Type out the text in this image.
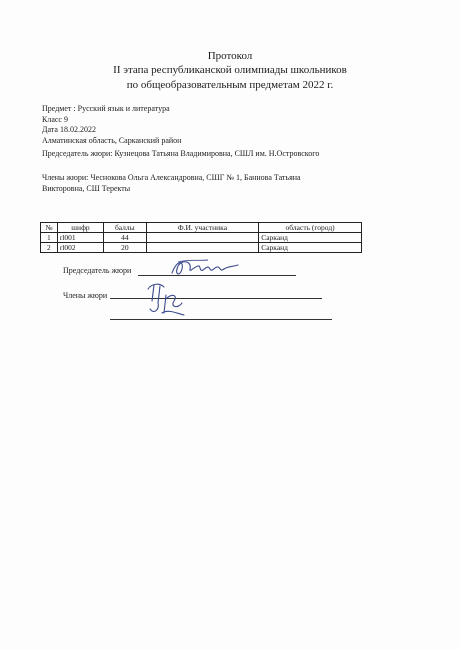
Протокол
II этапа республиканской олимпиады школьников
по общеобразовательным предметам 2022 г.
Предмет : Русский язык и литература
Класс 9
Дата 18.02.2022
Алматинская область, Сарканский район
Председатель жюри: Кузнецова Татьяна Владимировна, СШЛ им. Н.Островского
Члены жюри: Чеснокова Ольга Александровна, СШГ № 1, Баннова Татьяна
Викторовна, СШ Теректы
№	шифр	баллы	Ф.И. участника	область (город)
1	rl001	44		Сарканд
2	rl002	20		Сарканд
Председатель жюри
Члены жюри
